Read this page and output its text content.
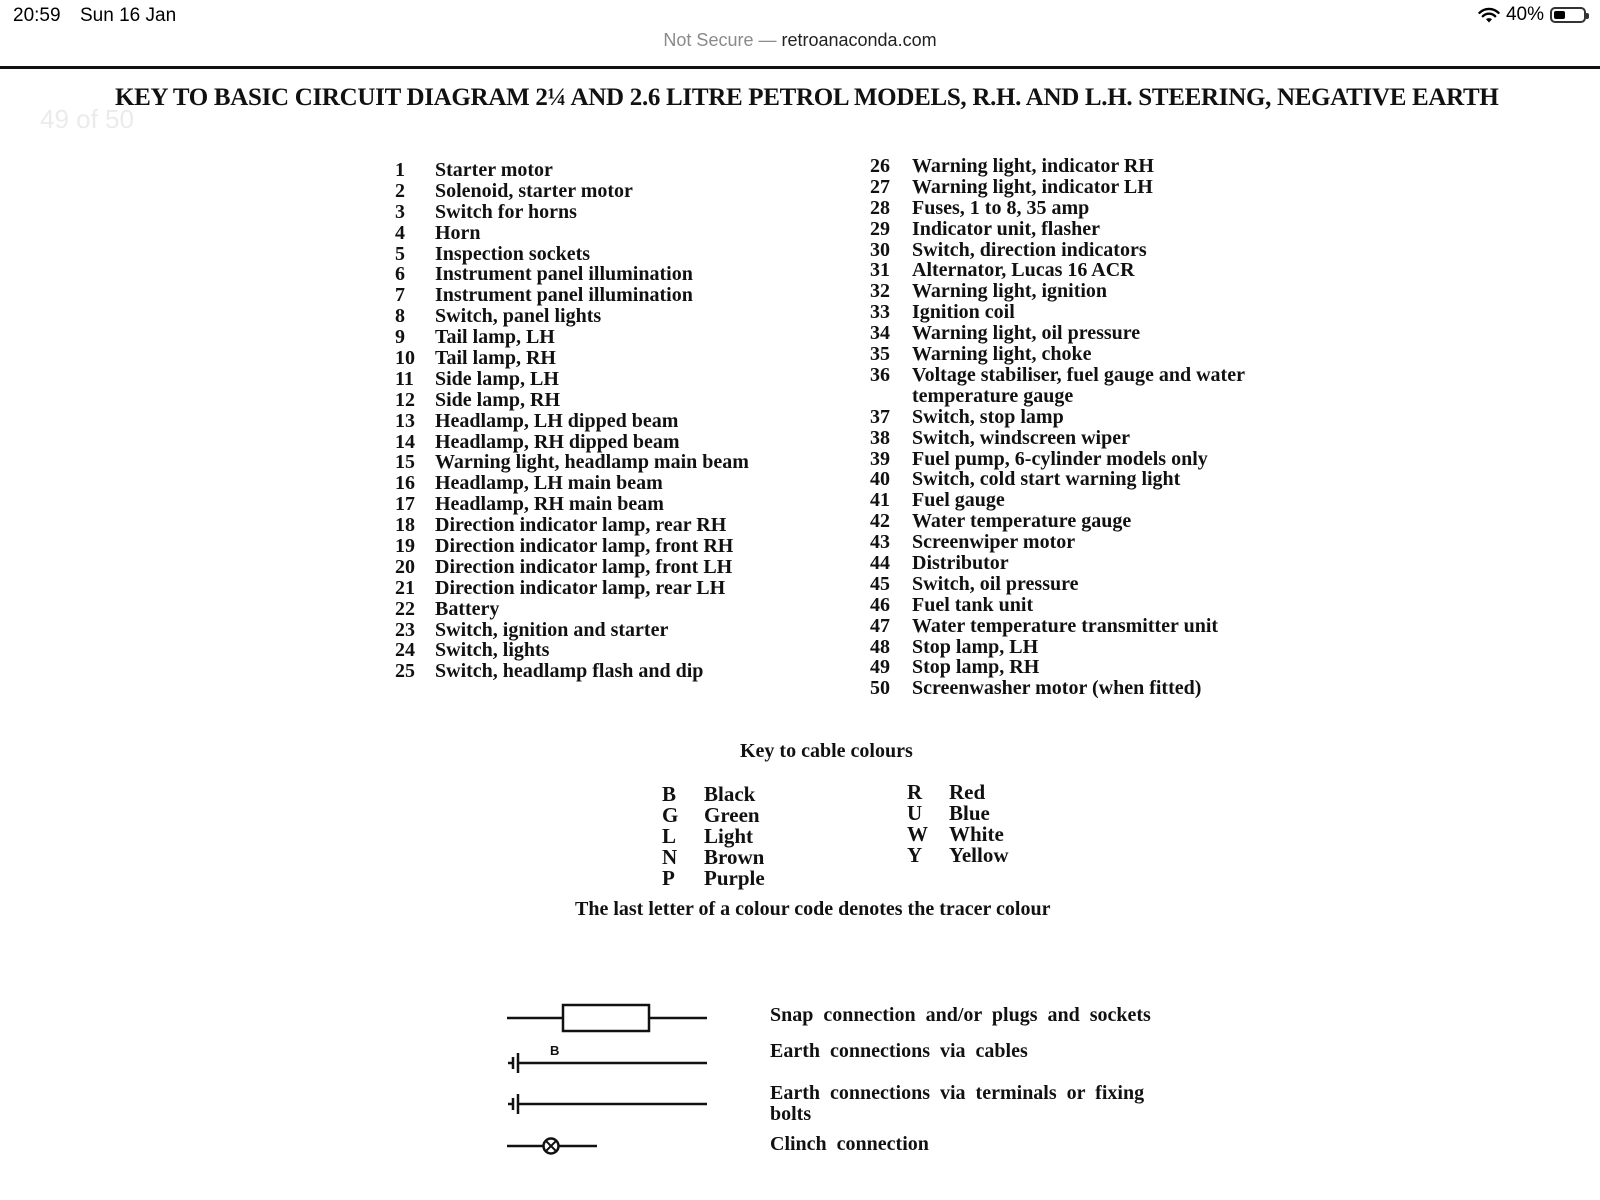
20:59 Sun 16 Jan	40%
Not Secure — retroanaconda.com
KEY TO BASIC CIRCUIT DIAGRAM 2¼ AND 2.6 LITRE PETROL MODELS, R.H. AND L.H. STEERING, NEGATIVE EARTH
49 of 50
1	Starter motor
2	Solenoid, starter motor
3	Switch for horns
4	Horn
5	Inspection sockets
6	Instrument panel illumination
7	Instrument panel illumination
8	Switch, panel lights
9	Tail lamp, LH
10	Tail lamp, RH
11	Side lamp, LH
12	Side lamp, RH
13	Headlamp, LH dipped beam
14	Headlamp, RH dipped beam
15	Warning light, headlamp main beam
16	Headlamp, LH main beam
17	Headlamp, RH main beam
18	Direction indicator lamp, rear RH
19	Direction indicator lamp, front RH
20	Direction indicator lamp, front LH
21	Direction indicator lamp, rear LH
22	Battery
23	Switch, ignition and starter
24	Switch, lights
25	Switch, headlamp flash and dip
26	Warning light, indicator RH
27	Warning light, indicator LH
28	Fuses, 1 to 8, 35 amp
29	Indicator unit, flasher
30	Switch, direction indicators
31	Alternator, Lucas 16 ACR
32	Warning light, ignition
33	Ignition coil
34	Warning light, oil pressure
35	Warning light, choke
36	Voltage stabiliser, fuel gauge and water temperature gauge
37	Switch, stop lamp
38	Switch, windscreen wiper
39	Fuel pump, 6-cylinder models only
40	Switch, cold start warning light
41	Fuel gauge
42	Water temperature gauge
43	Screenwiper motor
44	Distributor
45	Switch, oil pressure
46	Fuel tank unit
47	Water temperature transmitter unit
48	Stop lamp, LH
49	Stop lamp, RH
50	Screenwasher motor (when fitted)
Key to cable colours
B	Black
G	Green
L	Light
N	Brown
P	Purple
R	Red
U	Blue
W	White
Y	Yellow
The last letter of a colour code denotes the tracer colour
Snap connection and/or plugs and sockets
B	Earth connections via cables
Earth connections via terminals or fixing bolts
Clinch connection
